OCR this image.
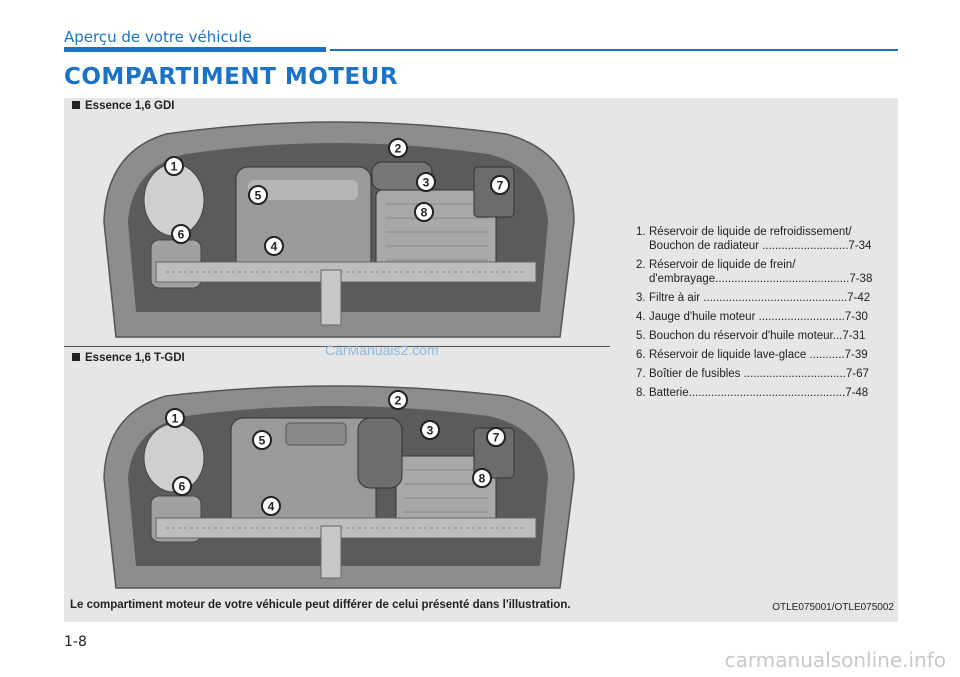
Aperçu de votre véhicule
COMPARTIMENT MOTEUR
Essence 1,6 GDI
Essence 1,6 T-GDI
1
2
3
4
5
6
7
8
1
2
3
4
5
6
7
8
1. Réservoir de liquide de refroidissement/ Bouchon de radiateur ...........................7-34
2. Réservoir de liquide de frein/ d'embrayage..........................................7-38
3. Filtre à air .............................................7-42
4. Jauge d'huile moteur ...........................7-30
5. Bouchon du réservoir d'huile moteur...7-31
6. Réservoir de liquide lave-glace ...........7-39
7. Boîtier de fusibles ................................7-67
8. Batterie.................................................7-48
CarManuals2.com
Le compartiment moteur de votre véhicule peut différer de celui présenté dans l'illustration.	OTLE075001/OTLE075002
1-8
carmanualsonline.info
